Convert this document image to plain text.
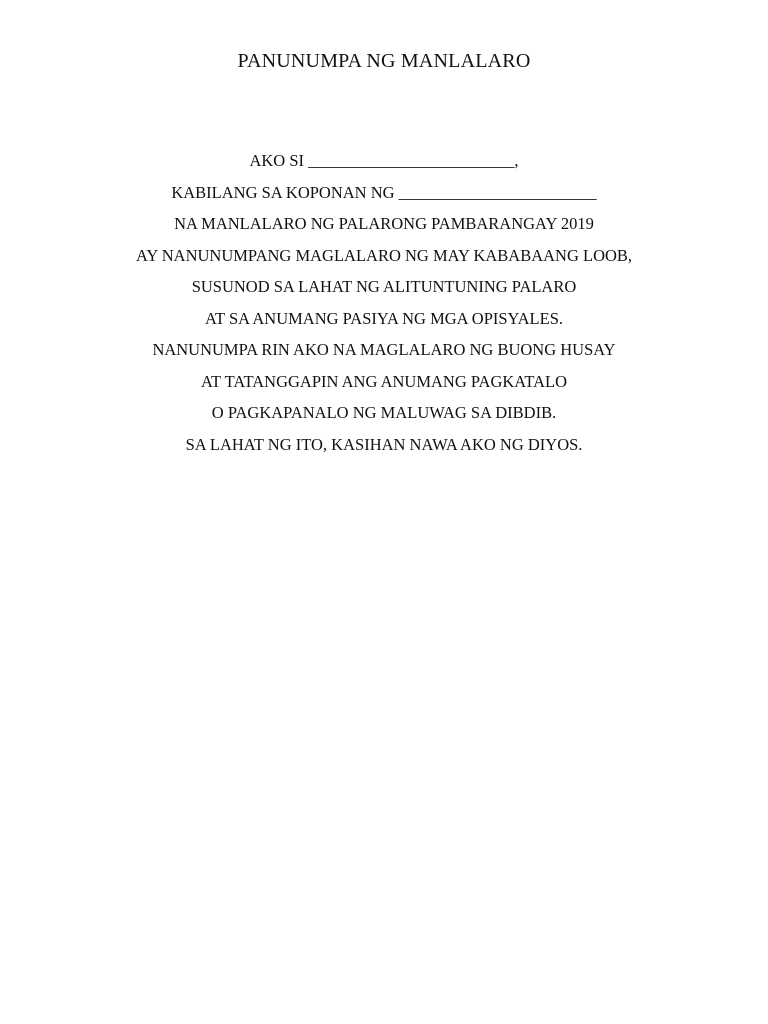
PANUNUMPA NG MANLALARO
AKO SI _________________________,
KABILANG SA KOPONAN NG ________________________
NA MANLALARO NG PALARONG PAMBARANGAY 2019
AY NANUNUMPANG MAGLALARO NG MAY KABABAANG LOOB,
SUSUNOD SA LAHAT NG ALITUNTUNING PALARO
AT SA ANUMANG PASIYA NG MGA OPISYALES.
NANUNUMPA RIN AKO NA MAGLALARO NG BUONG HUSAY
AT TATANGGAPIN ANG ANUMANG PAGKATALO
O PAGKAPANALO NG MALUWAG SA DIBDIB.
SA LAHAT NG ITO, KASIHAN NAWA AKO NG DIYOS.
